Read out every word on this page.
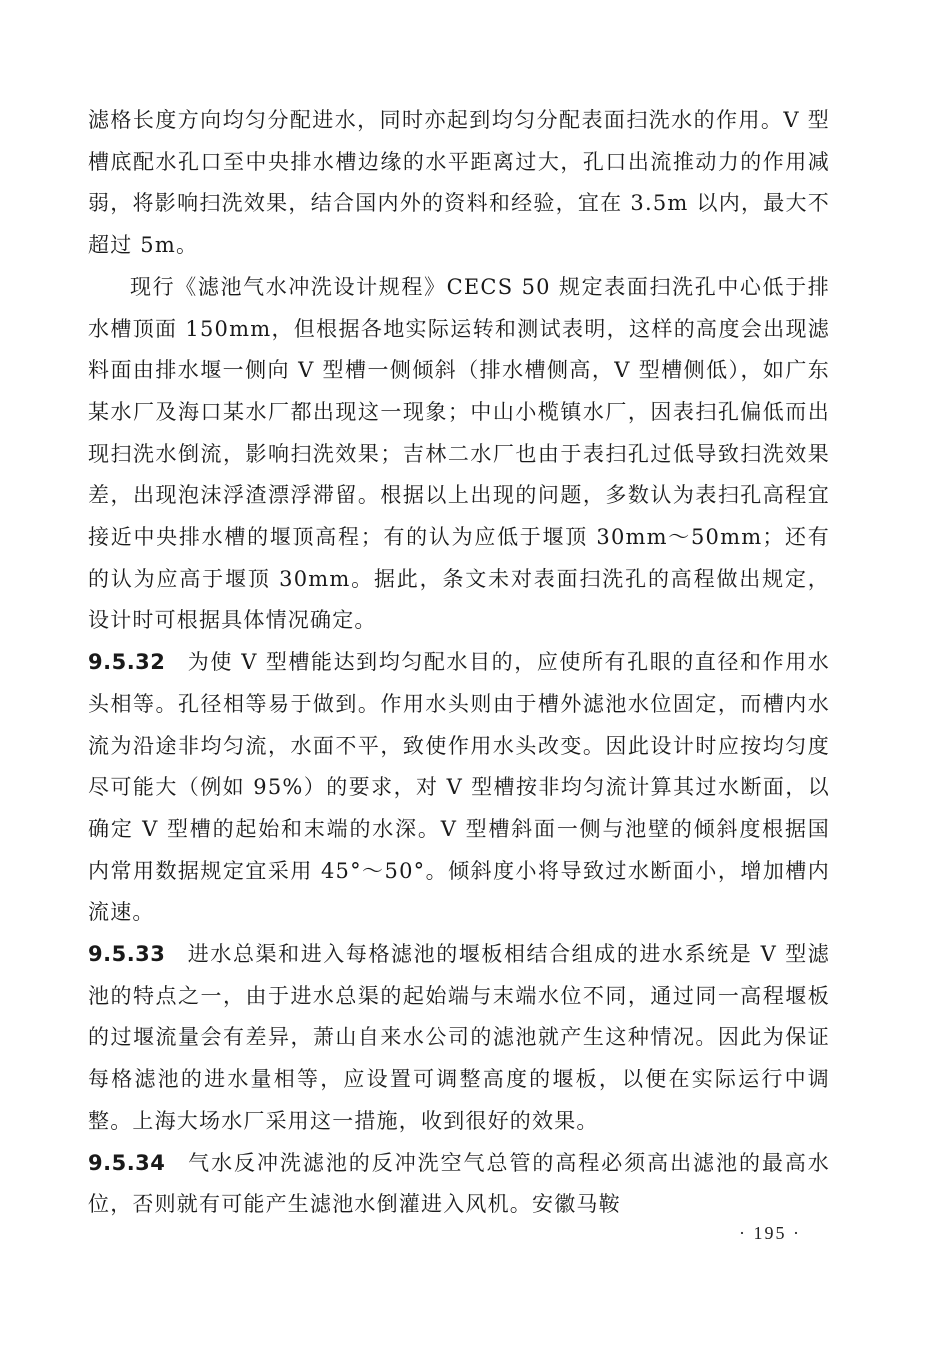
滤格长度方向均匀分配进水，同时亦起到均匀分配表面扫洗水的作用。V 型槽底配水孔口至中央排水槽边缘的水平距离过大，孔口出流推动力的作用减弱，将影响扫洗效果，结合国内外的资料和经验，宜在 3.5m 以内，最大不超过 5m。

现行《滤池气水冲洗设计规程》CECS 50 规定表面扫洗孔中心低于排水槽顶面 150mm，但根据各地实际运转和测试表明，这样的高度会出现滤料面由排水堰一侧向 V 型槽一侧倾斜（排水槽侧高，V 型槽侧低），如广东某水厂及海口某水厂都出现这一现象；中山小榄镇水厂，因表扫孔偏低而出现扫洗水倒流，影响扫洗效果；吉林二水厂也由于表扫孔过低导致扫洗效果差，出现泡沫浮渣漂浮滞留。根据以上出现的问题，多数认为表扫孔高程宜接近中央排水槽的堰顶高程；有的认为应低于堰顶 30mm～50mm；还有的认为应高于堰顶 30mm。据此，条文未对表面扫洗孔的高程做出规定，设计时可根据具体情况确定。

9.5.32 为使 V 型槽能达到均匀配水目的，应使所有孔眼的直径和作用水头相等。孔径相等易于做到。作用水头则由于槽外滤池水位固定，而槽内水流为沿途非均匀流，水面不平，致使作用水头改变。因此设计时应按均匀度尽可能大（例如 95%）的要求，对 V 型槽按非均匀流计算其过水断面，以确定 V 型槽的起始和末端的水深。V 型槽斜面一侧与池壁的倾斜度根据国内常用数据规定宜采用 45°～50°。倾斜度小将导致过水断面小，增加槽内流速。

9.5.33 进水总渠和进入每格滤池的堰板相结合组成的进水系统是 V 型滤池的特点之一，由于进水总渠的起始端与末端水位不同，通过同一高程堰板的过堰流量会有差异，萧山自来水公司的滤池就产生这种情况。因此为保证每格滤池的进水量相等，应设置可调整高度的堰板，以便在实际运行中调整。上海大场水厂采用这一措施，收到很好的效果。

9.5.34 气水反冲洗滤池的反冲洗空气总管的高程必须高出滤池的最高水位，否则就有可能产生滤池水倒灌进入风机。安徽马鞍

· 195 ·
